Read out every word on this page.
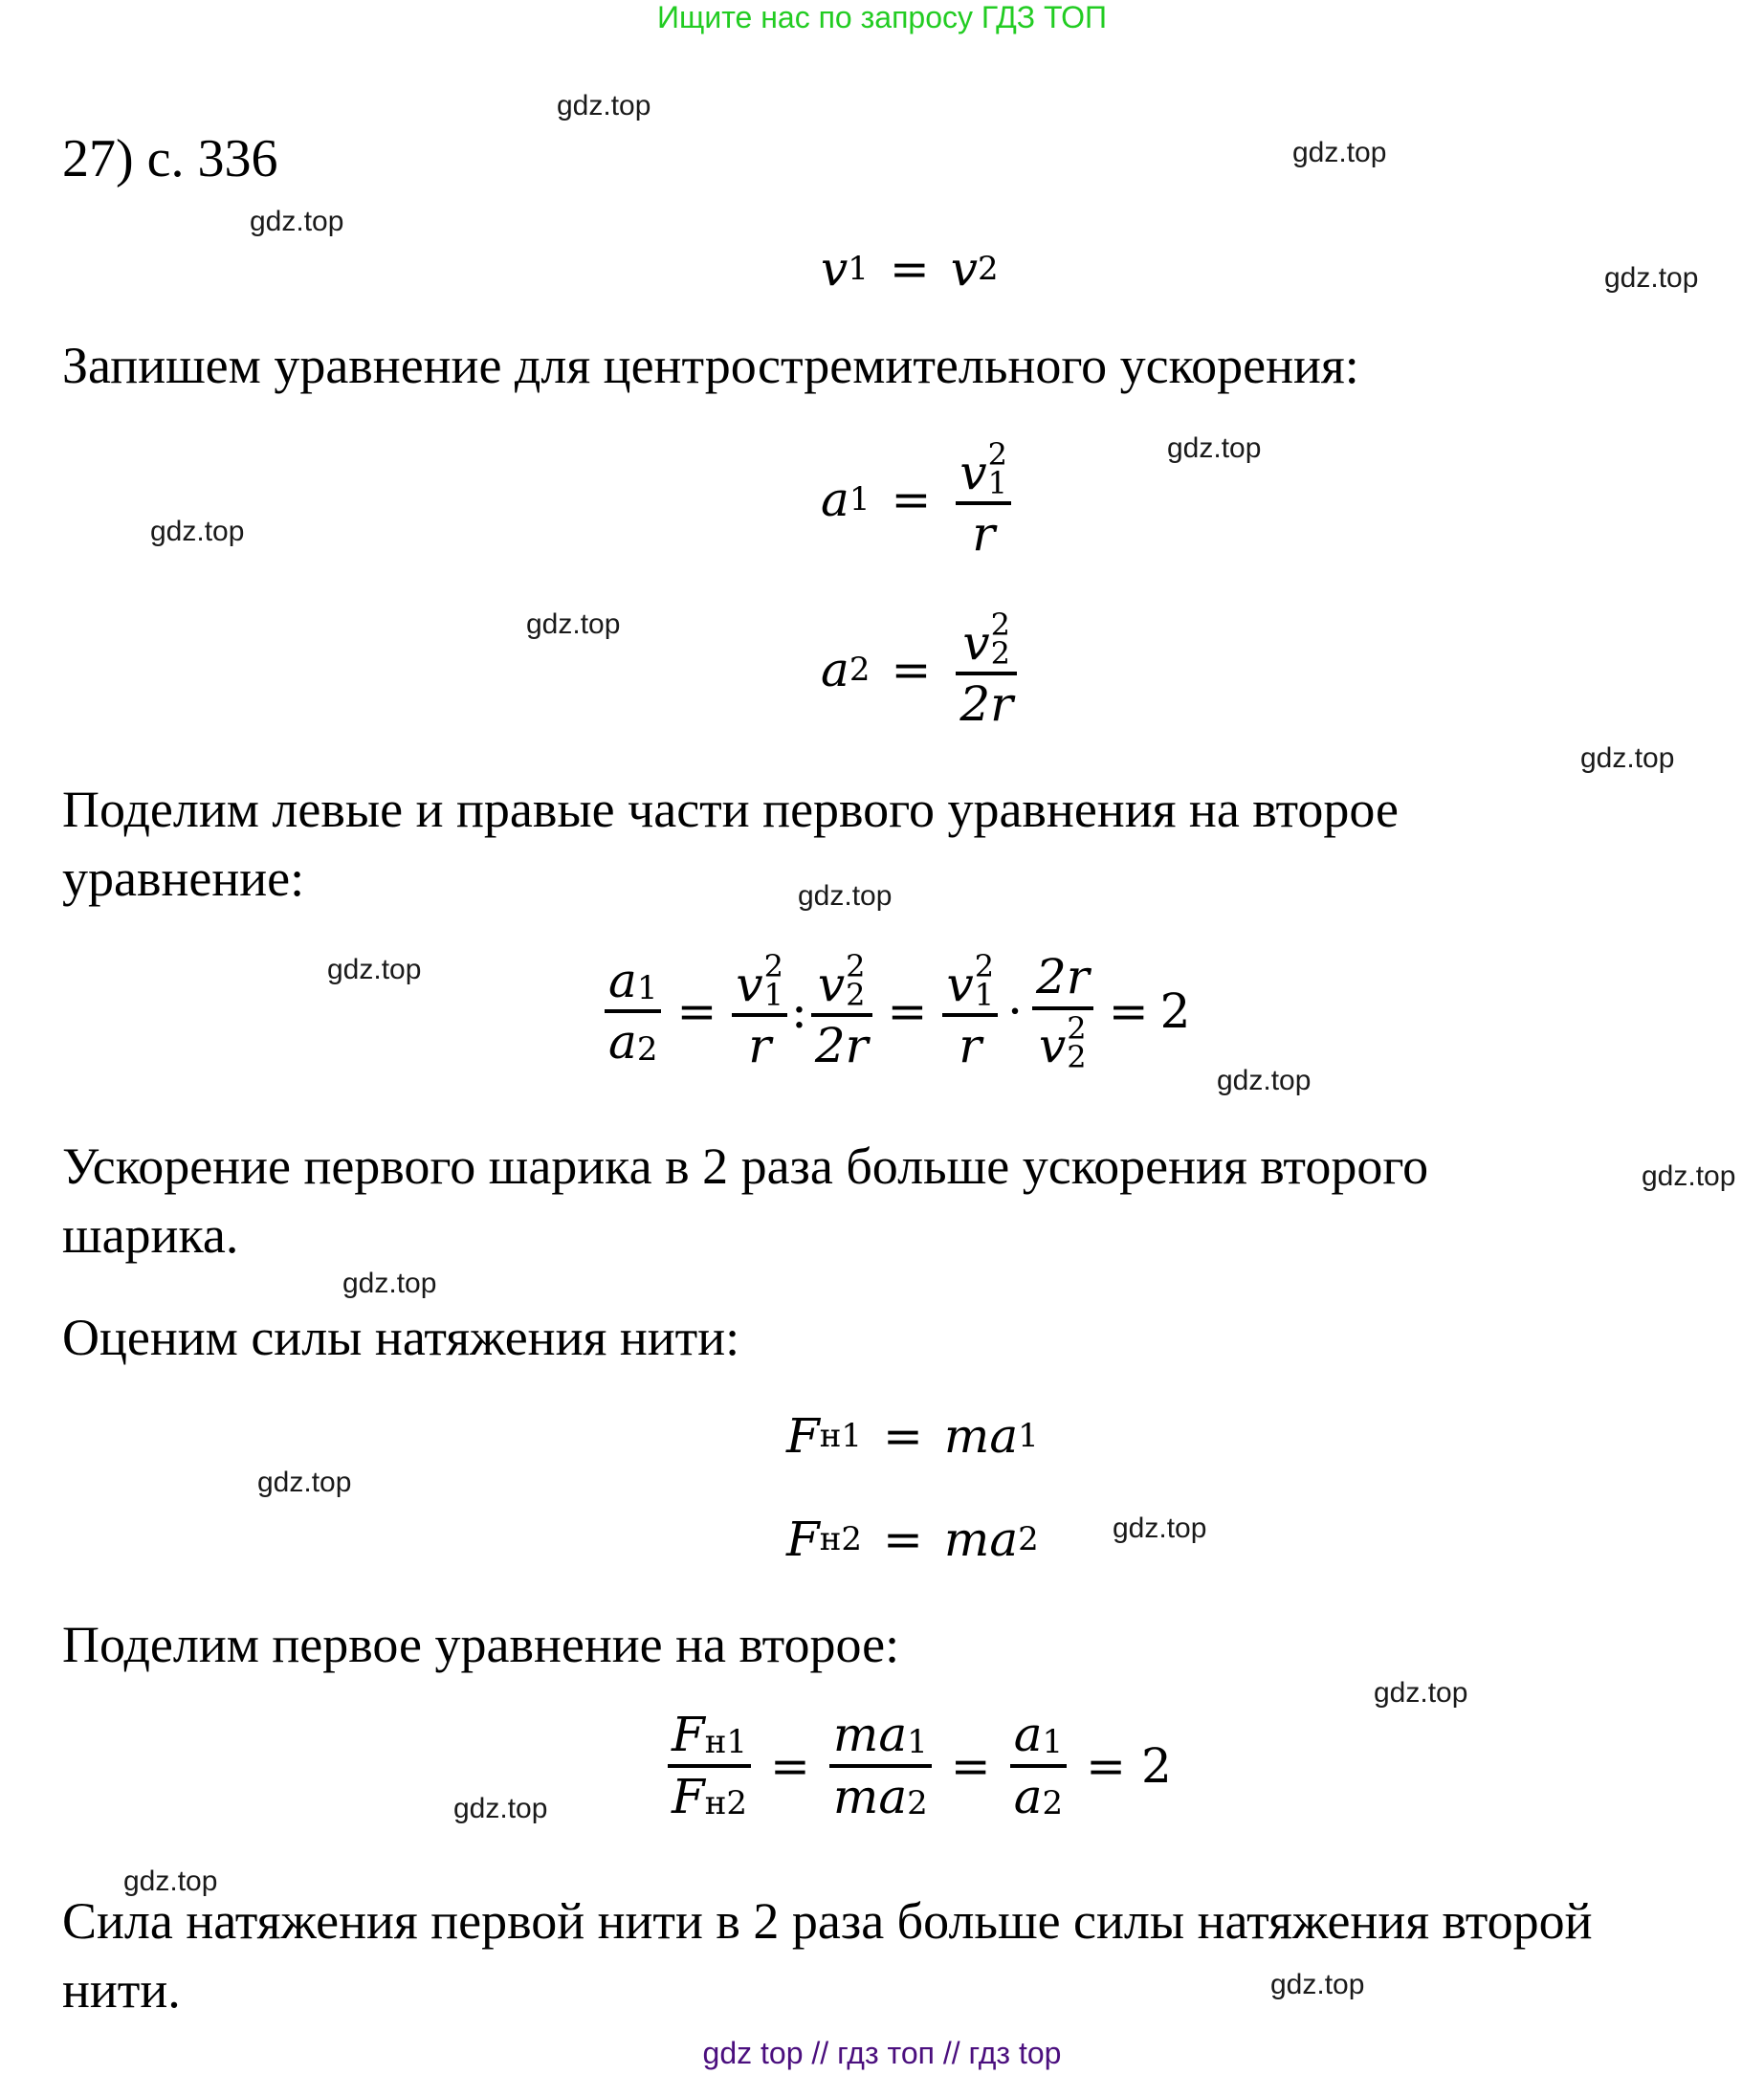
Ищите нас по запросу ГДЗ ТОП
27) с. 336
v 1 = v 2
Запишем уравнение для центростремительного ускорения:
a 1 = v 2
1
r
a 2 = v 2
2
2r
Поделим левые и правые части первого уравнения на второе
уравнение:
$\frac{a 1}{a 2} = v$ 2
1
r : v 2
2
2r = v 2
1
r · 2r
v 2
2 = 2
Ускорение первого шарика в 2 раза больше ускорения второго
шарика.
Оценим силы натяжения нити:
F н1 = m a 1
F н2 = m a 2
Поделим первое уравнение на второе:
$\frac{\text{F н1}}{\text{F н2}} = \frac{\text{m a 1}}{\text{m a 2}} = \frac{a 1}{a 2} = 2$
Сила натяжения первой нити в 2 раза больше силы натяжения второй
нити.
gdz.top
gdz.top
gdz.top
gdz.top
gdz.top
gdz.top
gdz.top
gdz.top
gdz.top
gdz.top
gdz.top
gdz.top
gdz.top
gdz.top
gdz.top
gdz.top
gdz.top
gdz.top
gdz.top
gdz top // гдз топ // гдз top
